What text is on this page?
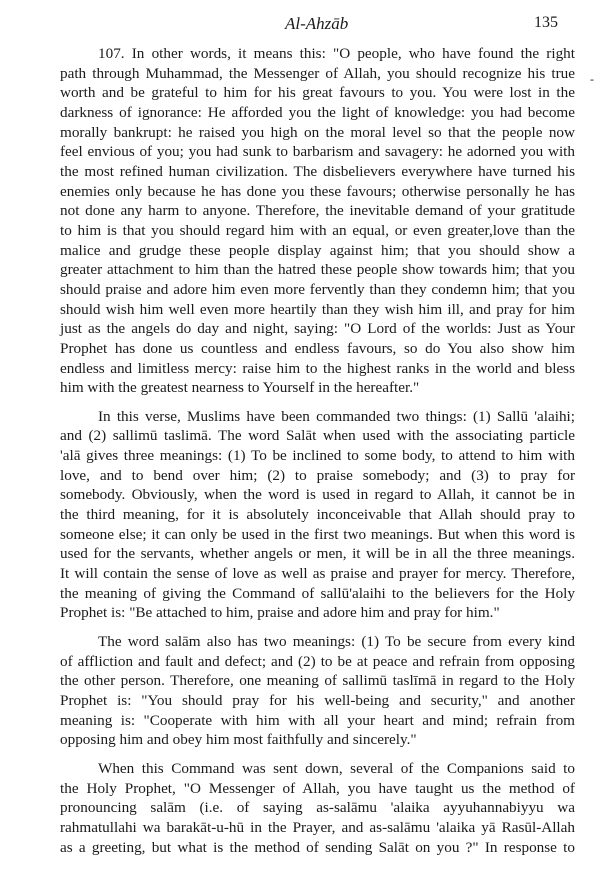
Al-Ahzāb	135
-

107. In other words, it means this: "O people, who have found the right
path through Muhammad, the Messenger of Allah, you should recognize his true
worth and be grateful to him for his great favours to you. You were lost in the
darkness of ignorance: He afforded you the light of knowledge: you had become
morally bankrupt: he raised you high on the moral level so that the people now
feel envious of you; you had sunk to barbarism and savagery: he adorned you with
the most refined human civilization. The disbelievers everywhere have turned his
enemies only because he has done you these favours; otherwise personally he has
not done any harm to anyone. Therefore, the inevitable demand of your gratitude
to him is that you should regard him with an equal, or even greater,love than the
malice and grudge these people display against him; that you should show a
greater attachment to him than the hatred these people show towards him; that you
should praise and adore him even more fervently than they condemn him; that you
should wish him well even more heartily than they wish him ill, and pray for him
just as the angels do day and night, saying: "O Lord of the worlds: Just as Your
Prophet has done us countless and endless favours, so do You also show him
endless and limitless mercy: raise him to the highest ranks in the world and bless
him with the greatest nearness to Yourself in the hereafter."

In this verse, Muslims have been commanded two things: (1) Sallū 'alaihi;
and (2) sallimū taslimā. The word Salāt when used with the associating particle
'alā gives three meanings: (1) To be inclined to some body, to attend to him with
love, and to bend over him; (2) to praise somebody; and (3) to pray for
somebody. Obviously, when the word is used in regard to Allah, it cannot be in
the third meaning, for it is absolutely inconceivable that Allah should pray to
someone else; it can only be used in the first two meanings. But when this word is
used for the servants, whether angels or men, it will be in all the three meanings.
It will contain the sense of love as well as praise and prayer for mercy. Therefore,
the meaning of giving the Command of sallū'alaihi to the believers for the Holy
Prophet is: "Be attached to him, praise and adore him and pray for him."

The word salām also has two meanings: (1) To be secure from every kind
of affliction and fault and defect; and (2) to be at peace and refrain from opposing
the other person. Therefore, one meaning of sallimū taslīmā in regard to the Holy
Prophet is: "You should pray for his well-being and security," and another
meaning is: "Cooperate with him with all your heart and mind; refrain from
opposing him and obey him most faithfully and sincerely."

When this Command was sent down, several of the Companions said to
the Holy Prophet, "O Messenger of Allah, you have taught us the method of
pronouncing salām (i.e. of saying as-salāmu 'alaika ayyuhannabiyyu wa
rahmatullahi wa barakāt-u-hū in the Prayer, and as-salāmu 'alaika yā Rasūl-Allah
as a greeting, but what is the method of sending Salāt on you ?" In response to
